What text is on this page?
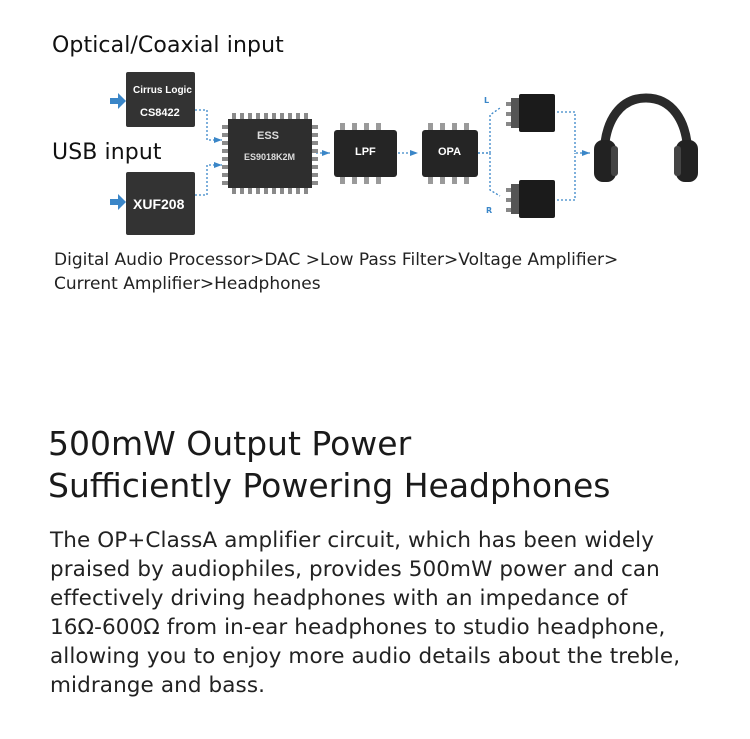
Optical/Coaxial input
USB input
Cirrus Logic
CS8422
XUF208
ESS
ES9018K2M	LPF	OPA
L
R
Digital Audio Processor>DAC >Low Pass Filter>Voltage Amplifier>
Current Amplifier>Headphones
500mW Output Power
Sufficiently Powering Headphones
The OP+ClassA amplifier circuit, which has been widely
praised by audiophiles, provides 500mW power and can
effectively driving headphones with an impedance of
16Ω-600Ω from in-ear headphones to studio headphone,
allowing you to enjoy more audio details about the treble,
midrange and bass.
